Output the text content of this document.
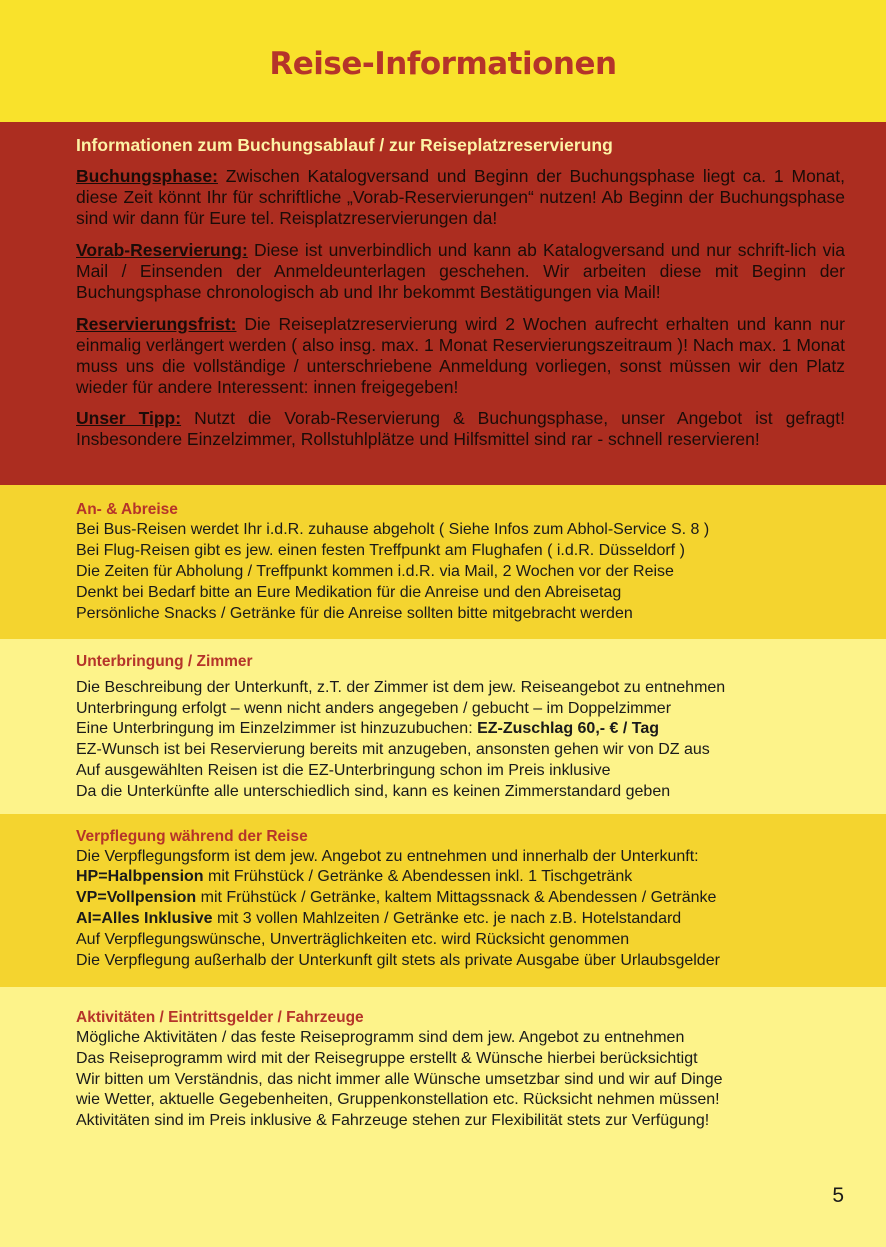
Reise-Informationen
Informationen zum Buchungsablauf / zur Reiseplatzreservierung
Buchungsphase: Zwischen Katalogversand und Beginn der Buchungsphase liegt ca. 1 Monat, diese Zeit könnt Ihr für schriftliche „Vorab-Reservierungen“ nutzen! Ab Beginn der Buchungsphase sind wir dann für Eure tel. Reisplatzreservierungen da!
Vorab-Reservierung: Diese ist unverbindlich und kann ab Katalogversand und nur schrift-lich via Mail / Einsenden der Anmeldeunterlagen geschehen. Wir arbeiten diese mit Beginn der Buchungsphase chronologisch ab und Ihr bekommt Bestätigungen via Mail!
Reservierungsfrist: Die Reiseplatzreservierung wird 2 Wochen aufrecht erhalten und kann nur einmalig verlängert werden ( also insg. max. 1 Monat Reservierungszeitraum )! Nach max. 1 Monat muss uns die vollständige / unterschriebene Anmeldung vorliegen, sonst müssen wir den Platz wieder für andere Interessent: innen freigegeben!
Unser Tipp: Nutzt die Vorab-Reservierung & Buchungsphase, unser Angebot ist gefragt! Insbesondere Einzelzimmer, Rollstuhlplätze und Hilfsmittel sind rar - schnell reservieren!
An- & Abreise
Bei Bus-Reisen werdet Ihr i.d.R. zuhause abgeholt ( Siehe Infos zum Abhol-Service S. 8 )
Bei Flug-Reisen gibt es jew. einen festen Treffpunkt am Flughafen ( i.d.R. Düsseldorf )
Die Zeiten für Abholung / Treffpunkt kommen i.d.R. via Mail, 2 Wochen vor der Reise
Denkt bei Bedarf bitte an Eure Medikation für die Anreise und den Abreisetag
Persönliche Snacks / Getränke für die Anreise sollten bitte mitgebracht werden
Unterbringung / Zimmer
Die Beschreibung der Unterkunft, z.T. der Zimmer ist dem jew. Reiseangebot zu entnehmen
Unterbringung erfolgt – wenn nicht anders angegeben / gebucht – im Doppelzimmer
Eine Unterbringung im Einzelzimmer ist hinzuzubuchen: EZ-Zuschlag 60,- € / Tag
EZ-Wunsch ist bei Reservierung bereits mit anzugeben, ansonsten gehen wir von DZ aus
Auf ausgewählten Reisen ist die EZ-Unterbringung schon im Preis inklusive
Da die Unterkünfte alle unterschiedlich sind, kann es keinen Zimmerstandard geben
Verpflegung während der Reise
Die Verpflegungsform ist dem jew. Angebot zu entnehmen und innerhalb der Unterkunft:
HP=Halbpension mit Frühstück / Getränke & Abendessen inkl. 1 Tischgetränk
VP=Vollpension mit Frühstück / Getränke, kaltem Mittagssnack & Abendessen / Getränke
AI=Alles Inklusive mit 3 vollen Mahlzeiten / Getränke etc. je nach z.B. Hotelstandard
Auf Verpflegungswünsche, Unverträglichkeiten etc. wird Rücksicht genommen
Die Verpflegung außerhalb der Unterkunft gilt stets als private Ausgabe über Urlaubsgelder
Aktivitäten / Eintrittsgelder / Fahrzeuge
Mögliche Aktivitäten / das feste Reiseprogramm sind dem jew. Angebot zu entnehmen
Das Reiseprogramm wird mit der Reisegruppe erstellt & Wünsche hierbei berücksichtigt
Wir bitten um Verständnis, das nicht immer alle Wünsche umsetzbar sind und wir auf Dinge
wie Wetter, aktuelle Gegebenheiten, Gruppenkonstellation etc. Rücksicht nehmen müssen!
Aktivitäten sind im Preis inklusive & Fahrzeuge stehen zur Flexibilität stets zur Verfügung!
5
